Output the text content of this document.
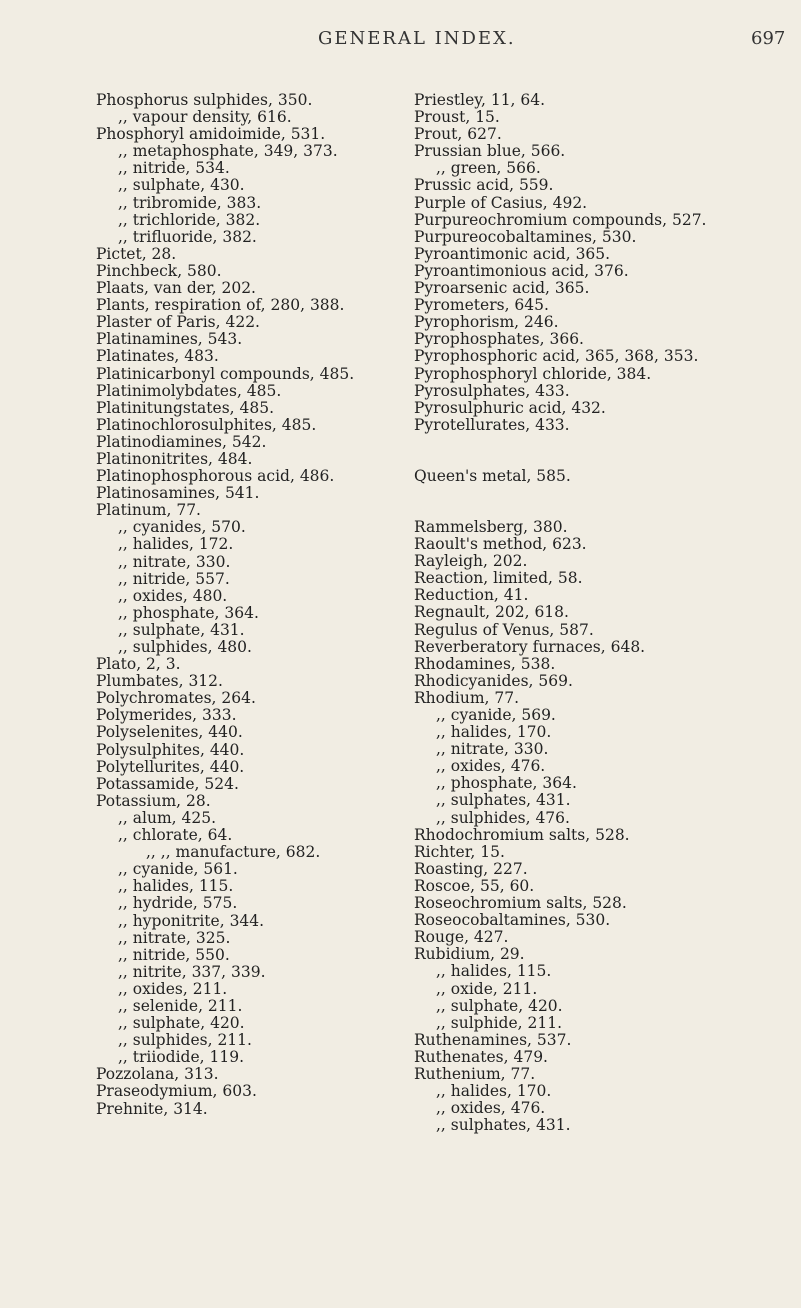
GENERAL INDEX.	697
Phosphorus sulphides, 350.
,, vapour density, 616.
Phosphoryl amidoimide, 531.
,, metaphosphate, 349, 373.
,, nitride, 534.
,, sulphate, 430.
,, tribromide, 383.
,, trichloride, 382.
,, trifluoride, 382.
Pictet, 28.
Pinchbeck, 580.
Plaats, van der, 202.
Plants, respiration of, 280, 388.
Plaster of Paris, 422.
Platinamines, 543.
Platinates, 483.
Platinicarbonyl compounds, 485.
Platinimolybdates, 485.
Platinitungstates, 485.
Platinochlorosulphites, 485.
Platinodiamines, 542.
Platinonitrites, 484.
Platinophosphorous acid, 486.
Platinosamines, 541.
Platinum, 77.
,, cyanides, 570.
,, halides, 172.
,, nitrate, 330.
,, nitride, 557.
,, oxides, 480.
,, phosphate, 364.
,, sulphate, 431.
,, sulphides, 480.
Plato, 2, 3.
Plumbates, 312.
Polychromates, 264.
Polymerides, 333.
Polyselenites, 440.
Polysulphites, 440.
Polytellurites, 440.
Potassamide, 524.
Potassium, 28.
,, alum, 425.
,, chlorate, 64.
,, ,, manufacture, 682.
,, cyanide, 561.
,, halides, 115.
,, hydride, 575.
,, hyponitrite, 344.
,, nitrate, 325.
,, nitride, 550.
,, nitrite, 337, 339.
,, oxides, 211.
,, selenide, 211.
,, sulphate, 420.
,, sulphides, 211.
,, triiodide, 119.
Pozzolana, 313.
Praseodymium, 603.
Prehnite, 314.
Priestley, 11, 64.
Proust, 15.
Prout, 627.
Prussian blue, 566.
,, green, 566.
Prussic acid, 559.
Purple of Casius, 492.
Purpureochromium compounds, 527.
Purpureocobaltamines, 530.
Pyroantimonic acid, 365.
Pyroantimonious acid, 376.
Pyroarsenic acid, 365.
Pyrometers, 645.
Pyrophorism, 246.
Pyrophosphates, 366.
Pyrophosphoric acid, 365, 368, 353.
Pyrophosphoryl chloride, 384.
Pyrosulphates, 433.
Pyrosulphuric acid, 432.
Pyrotellurates, 433.
Queen's metal, 585.
Rammelsberg, 380.
Raoult's method, 623.
Rayleigh, 202.
Reaction, limited, 58.
Reduction, 41.
Regnault, 202, 618.
Regulus of Venus, 587.
Reverberatory furnaces, 648.
Rhodamines, 538.
Rhodicyanides, 569.
Rhodium, 77.
,, cyanide, 569.
,, halides, 170.
,, nitrate, 330.
,, oxides, 476.
,, phosphate, 364.
,, sulphates, 431.
,, sulphides, 476.
Rhodochromium salts, 528.
Richter, 15.
Roasting, 227.
Roscoe, 55, 60.
Roseochromium salts, 528.
Roseocobaltamines, 530.
Rouge, 427.
Rubidium, 29.
,, halides, 115.
,, oxide, 211.
,, sulphate, 420.
,, sulphide, 211.
Ruthenamines, 537.
Ruthenates, 479.
Ruthenium, 77.
,, halides, 170.
,, oxides, 476.
,, sulphates, 431.
